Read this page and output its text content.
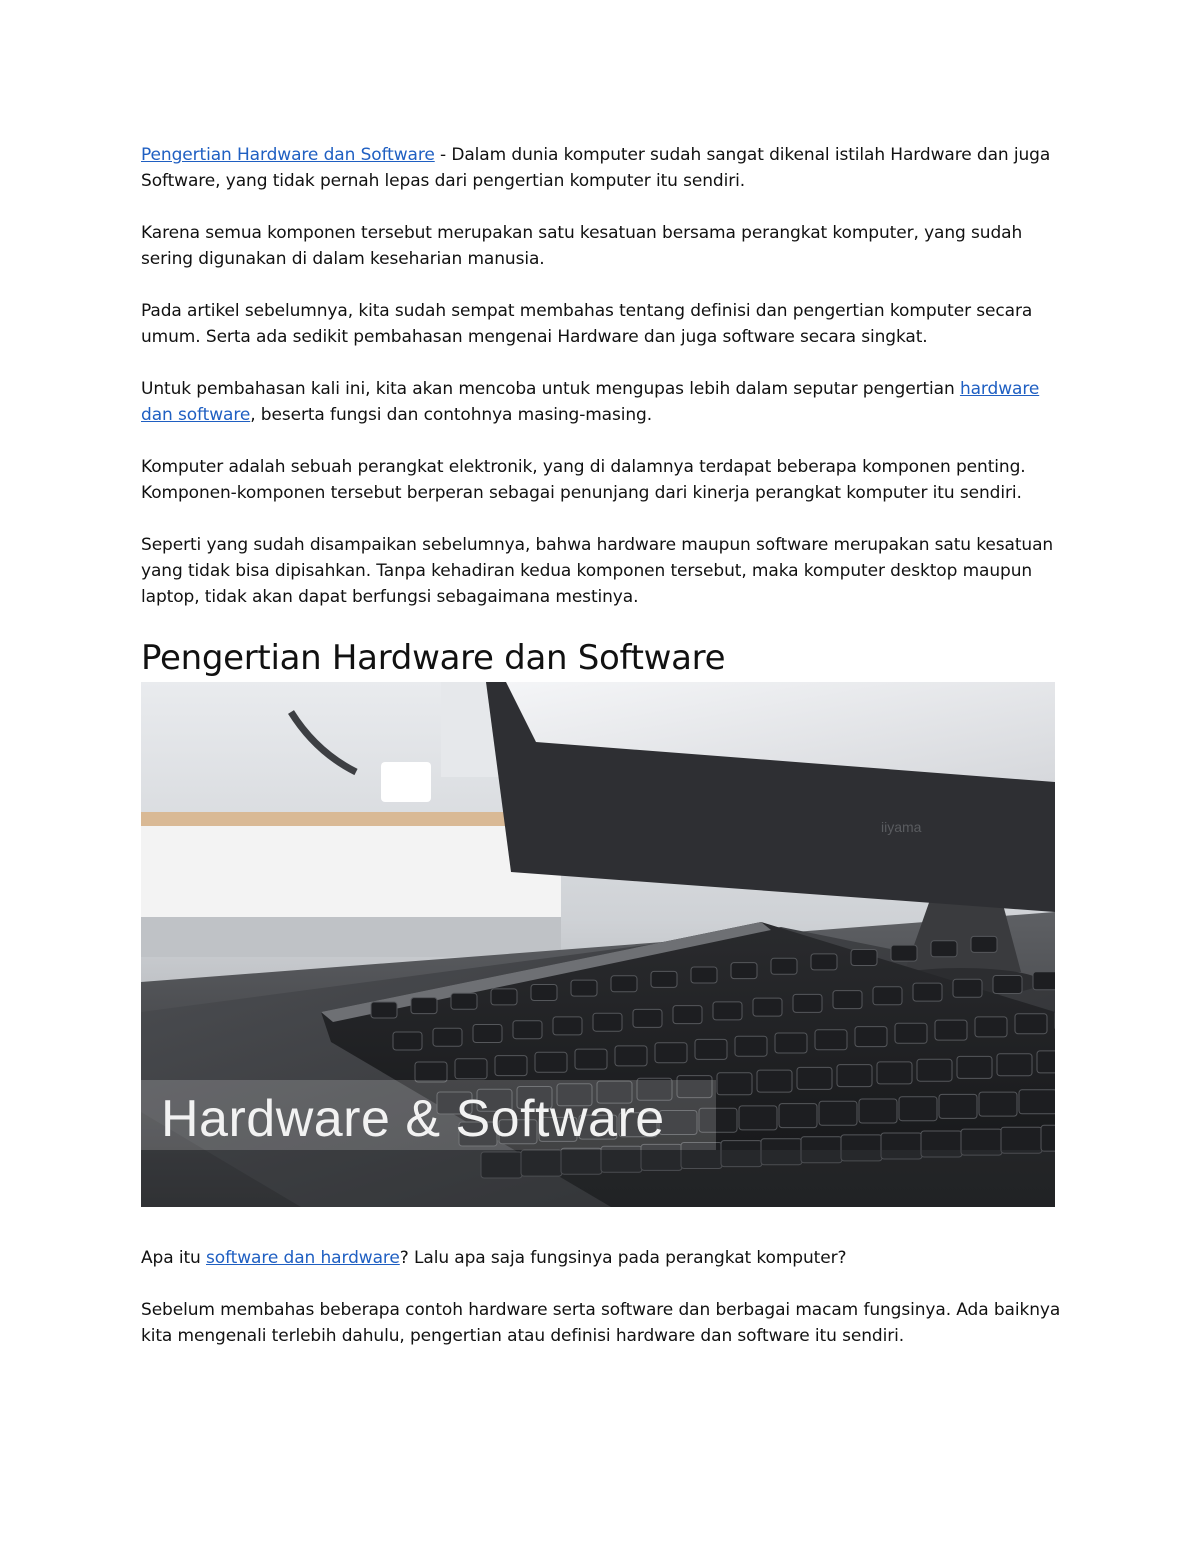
Pengertian Hardware dan Software - Dalam dunia komputer sudah sangat dikenal istilah Hardware dan juga Software, yang tidak pernah lepas dari pengertian komputer itu sendiri.

Karena semua komponen tersebut merupakan satu kesatuan bersama perangkat komputer, yang sudah sering digunakan di dalam keseharian manusia.

Pada artikel sebelumnya, kita sudah sempat membahas tentang definisi dan pengertian komputer secara umum. Serta ada sedikit pembahasan mengenai Hardware dan juga software secara singkat.

Untuk pembahasan kali ini, kita akan mencoba untuk mengupas lebih dalam seputar pengertian hardware dan software, beserta fungsi dan contohnya masing-masing.

Komputer adalah sebuah perangkat elektronik, yang di dalamnya terdapat beberapa komponen penting. Komponen-komponen tersebut berperan sebagai penunjang dari kinerja perangkat komputer itu sendiri.

Seperti yang sudah disampaikan sebelumnya, bahwa hardware maupun software merupakan satu kesatuan yang tidak bisa dipisahkan. Tanpa kehadiran kedua komponen tersebut, maka komputer desktop maupun laptop, tidak akan dapat berfungsi sebagaimana mestinya.

Pengertian Hardware dan Software
iiyama
Hardware & Software

Apa itu software dan hardware? Lalu apa saja fungsinya pada perangkat komputer?

Sebelum membahas beberapa contoh hardware serta software dan berbagai macam fungsinya. Ada baiknya kita mengenali terlebih dahulu, pengertian atau definisi hardware dan software itu sendiri.
